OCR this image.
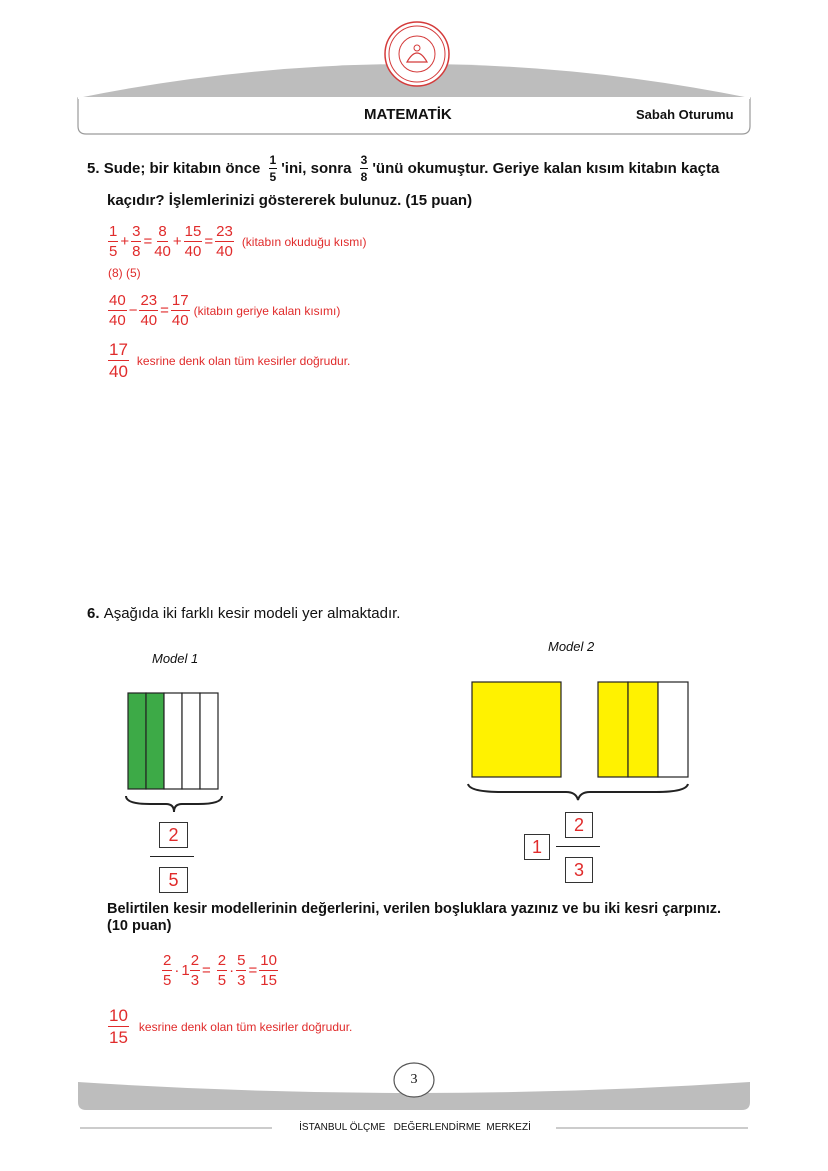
MATEMATİK	Sabah Oturumu
5.
Sude; bir kitabın önce
$\frac{1}{5}$ 'ini, sonra
$\frac{3}{8}$ 'ünü okumuştur. Geriye kalan kısım kitabın kaçta
kaçıdır? İşlemlerinizi göstererek bulunuz. (15 puan)
$\frac{1}{5} + \frac{3}{8} = \frac{8}{40} + \frac{15}{40} = \frac{23}{40}$ (kitabın okuduğu kısmı)
(8) (5)
$\frac{40}{40} - \frac{23}{40} = \frac{17}{40}$ (kitabın geriye kalan kısımı)
$\frac{17}{40}$ kesrine denk olan tüm kesirler doğrudur.
6.
Aşağıda iki farklı kesir modeli yer almaktadır.
Model 1
Model 2
2
5
1
2
3
Belirtilen kesir modellerinin değerlerini, verilen boşluklara yazınız ve bu iki kesri çarpınız.
(10 puan)
$\frac{2}{5} \cdot 1 \frac{2}{3} = \frac{2}{5} \cdot \frac{5}{3} = \frac{10}{15}$
$\frac{10}{15}$ kesrine denk olan tüm kesirler doğrudur.
3
İSTANBUL ÖLÇME   DEĞERLENDİRME  MERKEZİ
